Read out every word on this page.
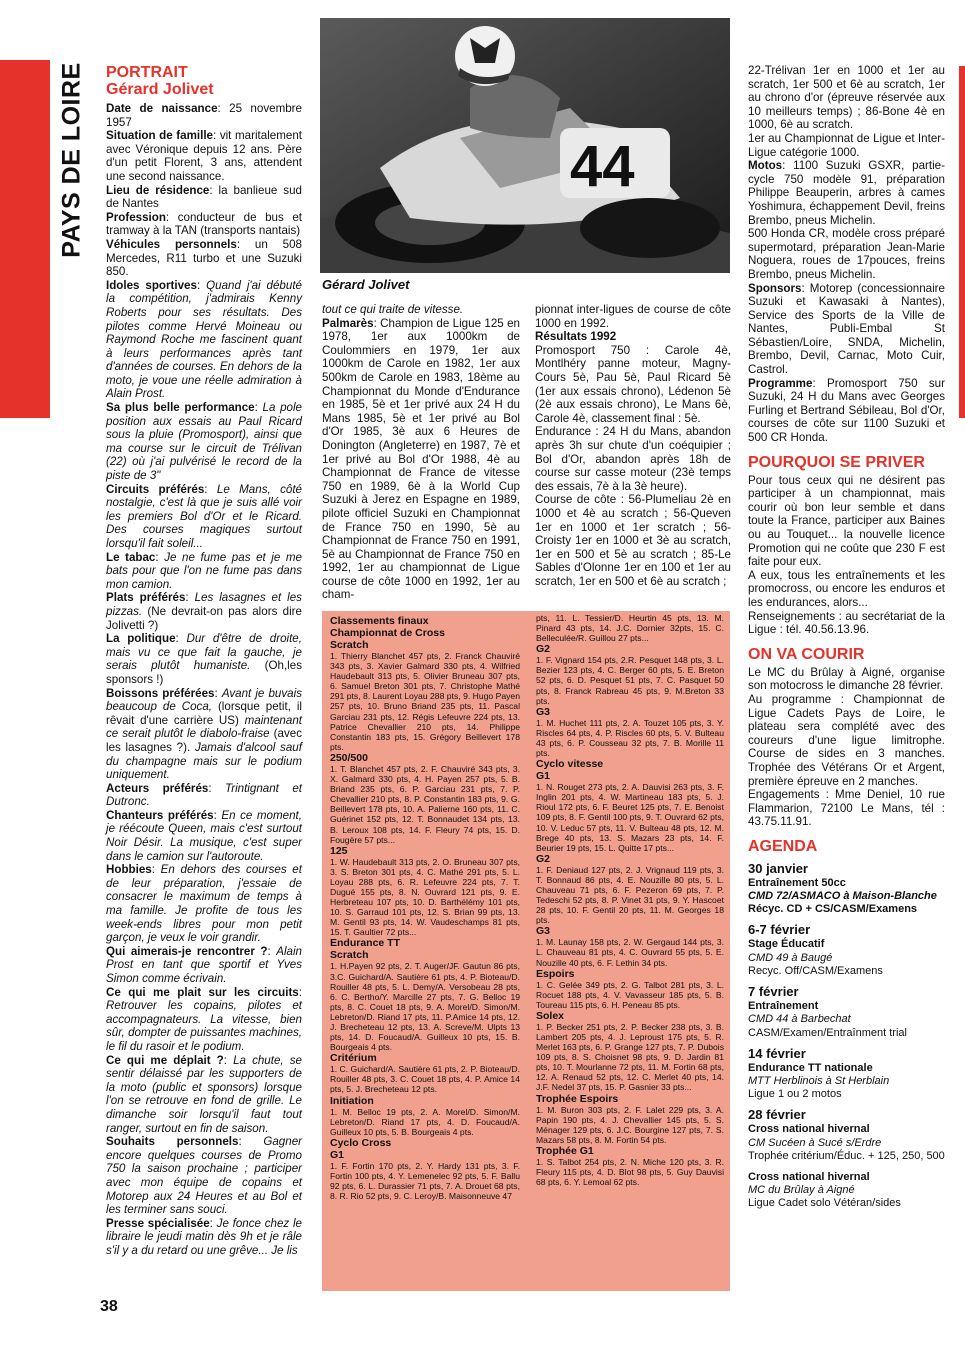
PAYS DE LOIRE PORTRAIT
Gérard Jolivet

Date de naissance: 25 novembre 1957

Situation de famille: vit maritalement avec Véronique depuis 12 ans. Père d'un petit Florent, 3 ans, attendent une second naissance.

Lieu de résidence: la banlieue sud de Nantes

Profession: conducteur de bus et tramway à la TAN (transports nantais)

Véhicules personnels: un 508 Mercedes, R11 turbo et une Suzuki 850.

Idoles sportives: Quand j'ai débuté la compétition, j'admirais Kenny Roberts pour ses résultats. Des pilotes comme Hervé Moineau ou Raymond Roche me fascinent quant à leurs performances après tant d'années de courses. En dehors de la moto, je voue une réelle admiration à Alain Prost.

Sa plus belle performance: La pole position aux essais au Paul Ricard sous la pluie (Promosport), ainsi que ma course sur le circuit de Trélivan (22) où j'ai pulvérisé le record de la piste de 3"

Circuits préférés: Le Mans, côté nostalgie, c'est là que je suis allé voir les premiers Bol d'Or et le Ricard. Des courses magiques surtout lorsqu'il fait soleil...

Le tabac: Je ne fume pas et je me bats pour que l'on ne fume pas dans mon camion.

Plats préférés: Les lasagnes et les pizzas. (Ne devrait-on pas alors dire Jolivetti ?)

La politique: Dur d'être de droite, mais vu ce que fait la gauche, je serais plutôt humaniste. (Oh,les sponsors !)

Boissons préférées: Avant je buvais beaucoup de Coca, (lorsque petit, il rêvait d'une carrière US) maintenant ce serait plutôt le diabolo-fraise (avec les lasagnes ?). Jamais d'alcool sauf du champagne mais sur le podium uniquement.

Acteurs préférés: Trintignant et Dutronc.

Chanteurs préférés: En ce moment, je réécoute Queen, mais c'est surtout Noir Désir. La musique, c'est super dans le camion sur l'autoroute.

Hobbies: En dehors des courses et de leur préparation, j'essaie de consacrer le maximum de temps à ma famille. Je profite de tous les week-ends libres pour mon petit garçon, je veux le voir grandir.

Qui aimerais-je rencontrer ?: Alain Prost en tant que sportif et Yves Simon comme écrivain.

Ce qui me plait sur les circuits: Retrouver les copains, pilotes et accompagnateurs. La vitesse, bien sûr, dompter de puissantes machines, le fil du rasoir et le podium.

Ce qui me déplait ?: La chute, se sentir délaissé par les supporters de la moto (public et sponsors) lorsque l'on se retrouve en fond de grille. Le dimanche soir lorsqu'il faut tout ranger, surtout en fin de saison.

Souhaits personnels: Gagner encore quelques courses de Promo 750 la saison prochaine ; participer avec mon équipe de copains et Motorep aux 24 Heures et au Bol et les terminer sans souci.

Presse spécialisée: Je fonce chez le libraire le jeudi matin dès 9h et je râle s'il y a du retard ou une grêve... Je lis

44
Gérard Jolivet

tout ce qui traite de vitesse.

Palmarès: Champion de Ligue 125 en 1978, 1er aux 1000km de Coulommiers en 1979, 1er aux 1000km de Carole en 1982, 1er aux 500km de Carole en 1983, 18ème au Championnat du Monde d'Endurance en 1985, 5è et 1er privé aux 24 H du Mans 1985, 5è et 1er privé au Bol d'Or 1985, 3è aux 6 Heures de Donington (Angleterre) en 1987, 7è et 1er privé au Bol d'Or 1988, 4è au Championnat de France de vitesse 750 en 1989, 6è à la World Cup Suzuki à Jerez en Espagne en 1989, pilote officiel Suzuki en Championnat de France 750 en 1990, 5è au Championnat de France 750 en 1991, 5è au Championnat de France 750 en 1992, 1er au championnat de Ligue course de côte 1000 en 1992, 1er au cham-

pionnat inter-ligues de course de côte 1000 en 1992.

Résultats 1992

Promosport 750 : Carole 4è, Montlhéry panne moteur, Magny-Cours 5è, Pau 5è, Paul Ricard 5è (1er aux essais chrono), Lédenon 5è (2è aux essais chrono), Le Mans 6è, Carole 4è, classement final : 5è.

Endurance : 24 H du Mans, abandon après 3h sur chute d'un coéquipier ; Bol d'Or, abandon après 18h de course sur casse moteur (23è temps des essais, 7è à la 3è heure).

Course de côte : 56-Plumeliau 2è en 1000 et 4è au scratch ; 56-Queven 1er en 1000 et 1er scratch ; 56-Croisty 1er en 1000 et 3è au scratch, 1er en 500 et 5è au scratch ; 85-Le Sables d'Olonne 1er en 100 et 1er au scratch, 1er en 500 et 6è au scratch ;

Classements finaux

Championnat de Cross

Scratch

1. Thierry Blanchet 457 pts, 2. Franck Chauviré 343 pts, 3. Xavier Galmard 330 pts, 4. Wilfried Haudebault 313 pts, 5. Olivier Bruneau 307 pts, 6. Samuel Breton 301 pts, 7. Christophe Mathé 291 pts, 8. Laurent Loyau 288 pts, 9. Hugo Payen 257 pts, 10. Bruno Briand 235 pts, 11. Pascal Garciau 231 pts, 12. Régis Lefeuvre 224 pts, 13. Patrice Chevallier 210 pts, 14. Philippe Constantin 183 pts, 15. Grégory Beillevert 178 pts.

250/500

1. T. Blanchet 457 pts, 2. F. Chauviré 343 pts, 3. X. Galmard 330 pts, 4. H. Payen 257 pts, 5. B. Briand 235 pts, 6. P. Garciau 231 pts, 7. P. Chevallier 210 pts, 8. P. Constantin 183 pts, 9. G. Beillevert 178 pts, 10. A. Palierne 160 pts, 11. C. Guérinet 152 pts, 12. T. Bonnaudet 134 pts, 13. B. Leroux 108 pts, 14. F. Fleury 74 pts, 15. D. Fougère 57 pts...

125

1. W. Haudebault 313 pts, 2. O. Bruneau 307 pts, 3. S. Breton 301 pts, 4. C. Mathé 291 pts, 5. L. Loyau 288 pts, 6. R. Lefeuvre 224 pts, 7. T. Dugué 155 pts, 8. N. Ouvrard 121 pts, 9. E. Herbreteau 107 pts, 10. D. Barthélémy 101 pts, 10. S. Garraud 101 pts, 12. S. Brian 99 pts, 13. M. Gentil 93 pts, 14. W. Vaudeschamps 81 pts, 15. T. Gaultier 72 pts...

Endurance TT

Scratch

1. H.Payen 92 pts, 2. T. Auger/JF. Gautun 86 pts, 3.C. Guichard/A. Sautière 61 pts, 4. P. Bioteau/D. Rouiller 48 pts, 5. L. Demy/A. Versobeau 28 pts, 6. C. Bertho/Y. Marcille 27 pts, 7. G. Belloc 19 pts, 8. C. Couet 18 pts, 9. A. Morel/D. Simon/M. Lebreton/D. Riand 17 pts, 11. P.Amice 14 pts, 12. J. Brecheteau 12 pts, 13. A. Screve/M. Ulpts 13 pts, 14. D. Foucaud/A. Guilleux 10 pts, 15. B. Bourgeais 4 pts.

Critérium

1. C. Guichard/A. Sautière 61 pts, 2. P. Bioteau/D. Rouiller 48 pts, 3. C. Couet 18 pts, 4. P. Amice 14 pts, 5. J. Brecheteau 12 pts.

Initiation

1. M. Belloc 19 pts, 2. A. Morel/D. Simon/M. Lebreton/D. Riand 17 pts, 4. D. Foucaud/A. Guilleux 10 pts, 5. B. Bourgeais 4 pts.

Cyclo Cross

G1

1. F. Fortin 170 pts, 2. Y. Hardy 131 pts, 3. F. Fortin 100 pts, 4. Y. Lemenelec 92 pts, 5. F. Ballu 92 pts, 6. L. Durassier 71 pts, 7. A. Drouet 68 pts, 8. R. Rio 52 pts, 9. C. Leroy/B. Maisonneuve 47

pts, 11. L. Tessier/D. Heurtin 45 pts, 13. M. Pinard 43 pts, 14. J.C. Dornier 32pts, 15. C. Belleculée/R. Guillou 27 pts...

G2

1. F. Vignard 154 pts, 2.R. Pesquet 148 pts, 3. L. Bezier 123 pts, 4. C. Berger 60 pts, 5. E. Breton 52 pts, 6. D. Pesquet 51 pts, 7. C. Pasquet 50 pts, 8. Franck Rabreau 45 pts, 9. M.Breton 33 pts.

G3

1. M. Huchet 111 pts, 2. A. Touzet 105 pts, 3. Y. Riscles 64 pts, 4. P. Riscles 60 pts, 5. V. Bulteau 43 pts, 6. P. Cousseau 32 pts, 7. B. Morille 11 pts.

Cyclo vitesse

G1

1. N. Rouget 273 pts, 2. A. Dauvisi 263 pts, 3. F. Inglin 201 pts, 4. W. Martineau 183 pts, 5. J. Rioul 172 pts, 6. F. Beuret 125 pts, 7. E. Benoist 109 pts, 8. F. Gentil 100 pts, 9. T. Ouvrard 62 pts, 10. V. Leduc 57 pts, 11. V. Bulteau 48 pts, 12. M. Brege 40 pts, 13. S. Mazars 23 pts, 14. F. Beurier 19 pts, 15. L. Quitte 17 pts...

G2

1. F. Deniaud 127 pts, 2. J. Vrignaud 119 pts, 3. T. Bonnaud 86 pts, 4. E. Nouzille 80 pts, 5. L. Chauveau 71 pts, 6. F. Pezeron 69 pts, 7. P. Tedeschi 52 pts, 8. P. Vinet 31 pts, 9. Y. Hascoet 28 pts, 10. F. Gentil 20 pts, 11. M. Georges 18 pts.

G3

1. M. Launay 158 pts, 2. W. Gergaud 144 pts, 3. L. Chauveau 81 pts, 4. C. Ouvrard 55 pts, 5. E. Nouzille 40 pts, 6. F. Lethin 34 pts.

Espoirs

1. C. Gelée 349 pts, 2. G. Talbot 281 pts, 3. L. Rocuet 188 pts, 4. V. Vavasseur 185 pts, 5. B. Toureau 115 pts, 6. H. Peneau 85 pts.

Solex

1. P. Becker 251 pts, 2. P. Becker 238 pts, 3. B. Lambert 205 pts, 4. J. Leproust 175 pts, 5. R. Merlet 163 pts, 6. P. Grange 127 pts, 7. P. Dubois 109 pts, 8. S. Choisnet 98 pts, 9. D. Jardin 81 pts, 10. T. Mourlanne 72 pts, 11. M. Fortin 68 pts, 12. A. Renaud 52 pts, 12. C. Merlet 40 pts, 14. J.F. Nedel 37 pts, 15. P. Gasnier 33 pts...

Trophée Espoirs

1. M. Buron 303 pts, 2. F. Lalet 229 pts, 3. A. Papin 190 pts, 4. J. Chevallier 145 pts, 5. S. Ménager 129 pts, 6. J.C. Bourgine 127 pts, 7. S. Mazars 58 pts, 8. M. Fortin 54 pts.

Trophée G1

1. S. Talbot 254 pts, 2. N. Miche 120 pts, 3. R. Fleury 115 pts, 4. D. Blot 98 pts, 5. Guy Dauvisi 68 pts, 6. Y. Lemoal 62 pts.

22-Trélivan 1er en 1000 et 1er au scratch, 1er 500 et 6è au scratch, 1er au chrono d'or (épreuve réservée aux 10 meilleurs temps) ; 86-Bone 4è en 1000, 6è au scratch.

1er au Championnat de Ligue et Inter-Ligue catégorie 1000.

Motos: 1100 Suzuki GSXR, partie-cycle 750 modèle 91, préparation Philippe Beauperin, arbres à cames Yoshimura, échappement Devil, freins Brembo, pneus Michelin.

500 Honda CR, modèle cross préparé supermotard, préparation Jean-Marie Noguera, roues de 17pouces, freins Brembo, pneus Michelin.

Sponsors: Motorep (concessionnaire Suzuki et Kawasaki à Nantes), Service des Sports de la Ville de Nantes, Publi-Embal St Sébastien/Loire, SNDA, Michelin, Brembo, Devil, Carnac, Moto Cuir, Castrol.

Programme: Promosport 750 sur Suzuki, 24 H du Mans avec Georges Furling et Bertrand Sébileau, Bol d'Or, courses de côte sur 1100 Suzuki et 500 CR Honda.

POURQUOI SE PRIVER

Pour tous ceux qui ne désirent pas participer à un championnat, mais courir où bon leur semble et dans toute la France, participer aux Baines ou au Touquet... la nouvelle licence Promotion qui ne coûte que 230 F est faite pour eux.

A eux, tous les entraînements et les promocross, ou encore les enduros et les endurances, alors...

Renseignements : au secrétariat de la Ligue : tél. 40.56.13.96.

ON VA COURIR

Le MC du Brûlay à Aigné, organise son motocross le dimanche 28 février.

Au programme : Championnat de Ligue Cadets Pays de Loire, le plateau sera complété avec des coureurs d'une ligue limitrophe. Course de sides en 3 manches. Trophée des Vétérans Or et Argent, première épreuve en 2 manches.

Engagements : Mme Deniel, 10 rue Flammarion, 72100 Le Mans, tél : 43.75.11.91.

AGENDA

30 janvier

Entraînement 50cc

CMD 72/ASMACO à Maison-Blanche

Récyc. CD + CS/CASM/Examens

6-7 février

Stage Éducatif

CMD 49 à Baugé

Recyc. Off/CASM/Examens

7 février

Entraînement

CMD 44 à Barbechat

CASM/Examen/Entraînment trial

14 février

Endurance TT nationale

MTT Herblinois à St Herblain

Ligue 1 ou 2 motos

28 février

Cross national hivernal

CM Sucéen à Sucé s/Erdre

Trophée critérium/Éduc. + 125, 250, 500

Cross national hivernal

MC du Brûlay à Aigné

Ligue Cadet solo Vétéran/sides

38
